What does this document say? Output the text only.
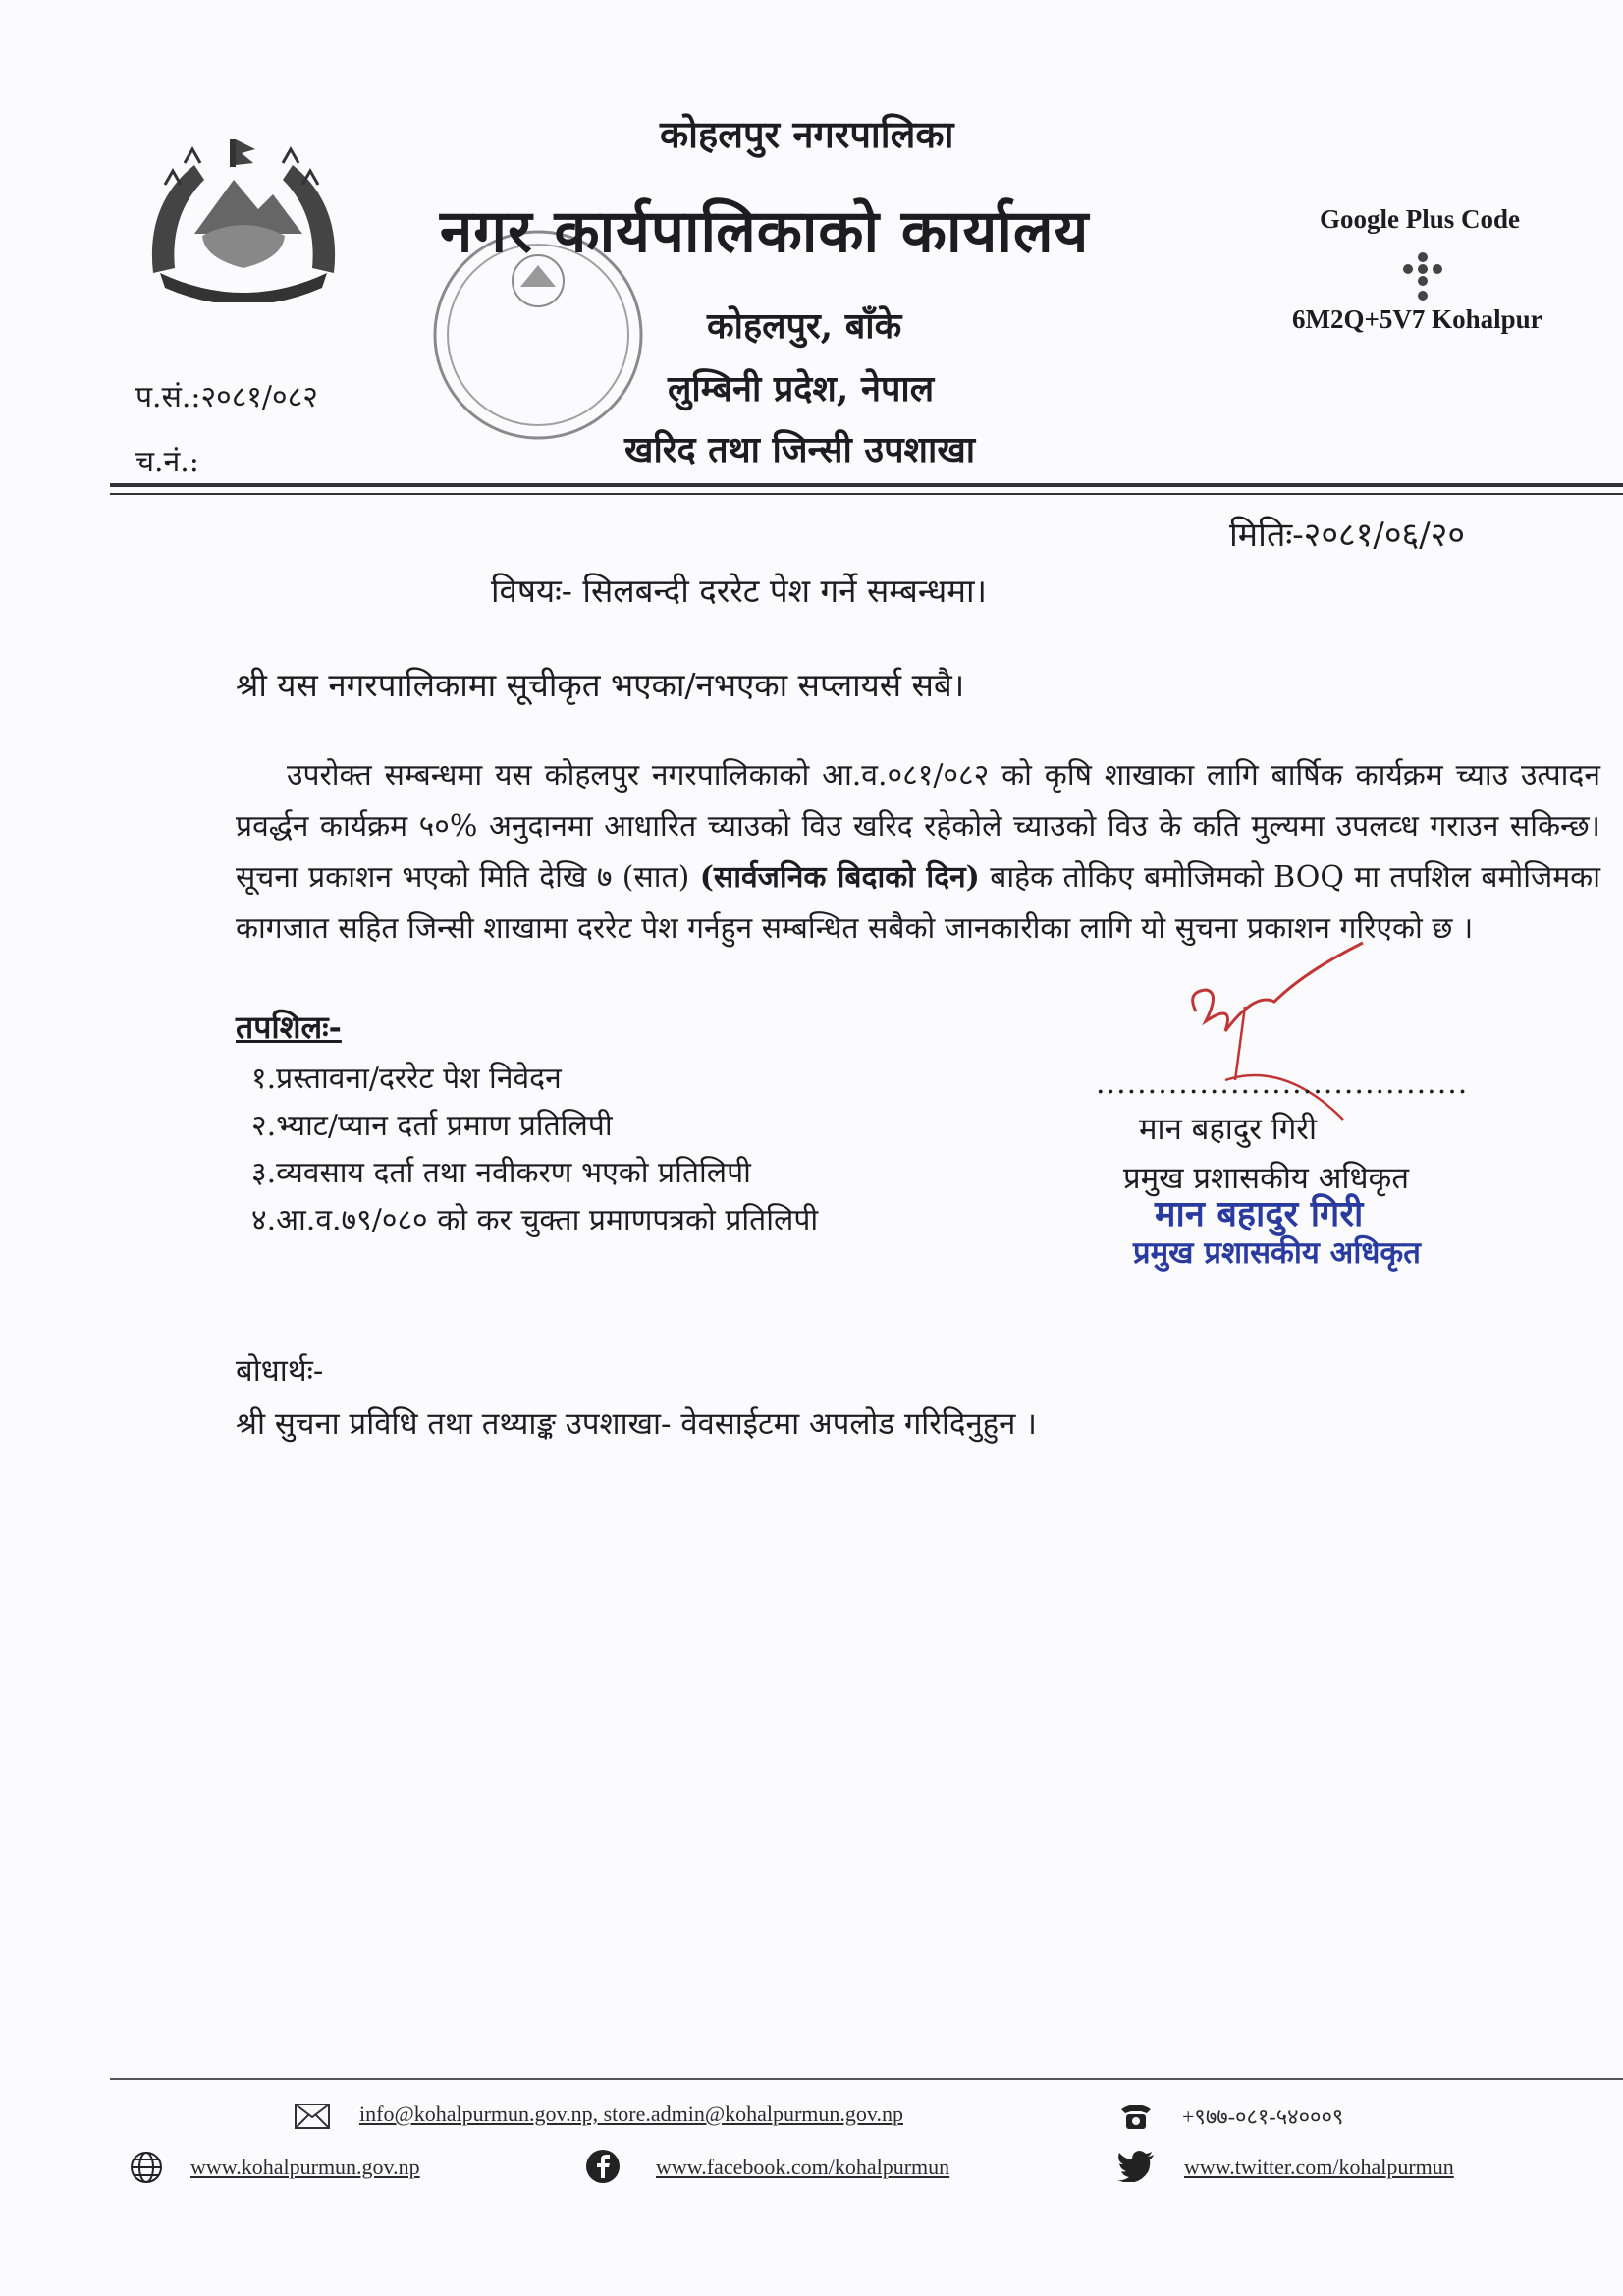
कोहलपुर नगरपालिका
नगर कार्यपालिकाको कार्यालय
कोहलपुर, बाँके
लुम्बिनी प्रदेश, नेपाल
खरिद तथा जिन्सी उपशाखा
Google Plus Code
6M2Q+5V7 Kohalpur
प.सं.:२०८१/०८२
च.नं.:
मितिः-२०८१/०६/२०
विषयः- सिलबन्दी दररेट पेश गर्ने सम्बन्धमा।
श्री यस नगरपालिकामा सूचीकृत भएका/नभएका सप्लायर्स सबै।

उपरोक्त सम्बन्धमा यस कोहलपुर नगरपालिकाको आ.व.०८१/०८२ को कृषि शाखाका लागि बार्षिक कार्यक्रम च्याउ उत्पादन प्रवर्द्धन कार्यक्रम ५०% अनुदानमा आधारित च्याउको विउ खरिद रहेकोले च्याउको विउ के कति मुल्यमा उपलव्ध गराउन सकिन्छ। सूचना प्रकाशन भएको मिति देखि ७ (सात) (सार्वजनिक बिदाको दिन) बाहेक तोकिए बमोजिमको BOQ मा तपशिल बमोजिमका कागजात सहित जिन्सी शाखामा दररेट पेश गर्नहुन सम्बन्धित सबैको जानकारीका लागि यो सुचना प्रकाशन गरिएको छ ।

तपशिलः-
१.प्रस्तावना/दररेट पेश निवेदन
२.भ्याट/प्यान दर्ता प्रमाण प्रतिलिपी
३.व्यवसाय दर्ता तथा नवीकरण भएको प्रतिलिपी
४.आ.व.७९/०८० को कर चुक्ता प्रमाणपत्रको प्रतिलिपी
....................................
मान बहादुर गिरी
प्रमुख प्रशासकीय अधिकृत
मान बहादुर गिरी
प्रमुख प्रशासकीय अधिकृत
बोधार्थः-
श्री सुचना प्रविधि तथा तथ्याङ्क उपशाखा- वेवसाईटमा अपलोड गरिदिनुहुन ।
info@kohalpurmun.gov.np, store.admin@kohalpurmun.gov.np	+९७७-०८१-५४०००९
www.kohalpurmun.gov.np	www.facebook.com/kohalpurmun	www.twitter.com/kohalpurmun
